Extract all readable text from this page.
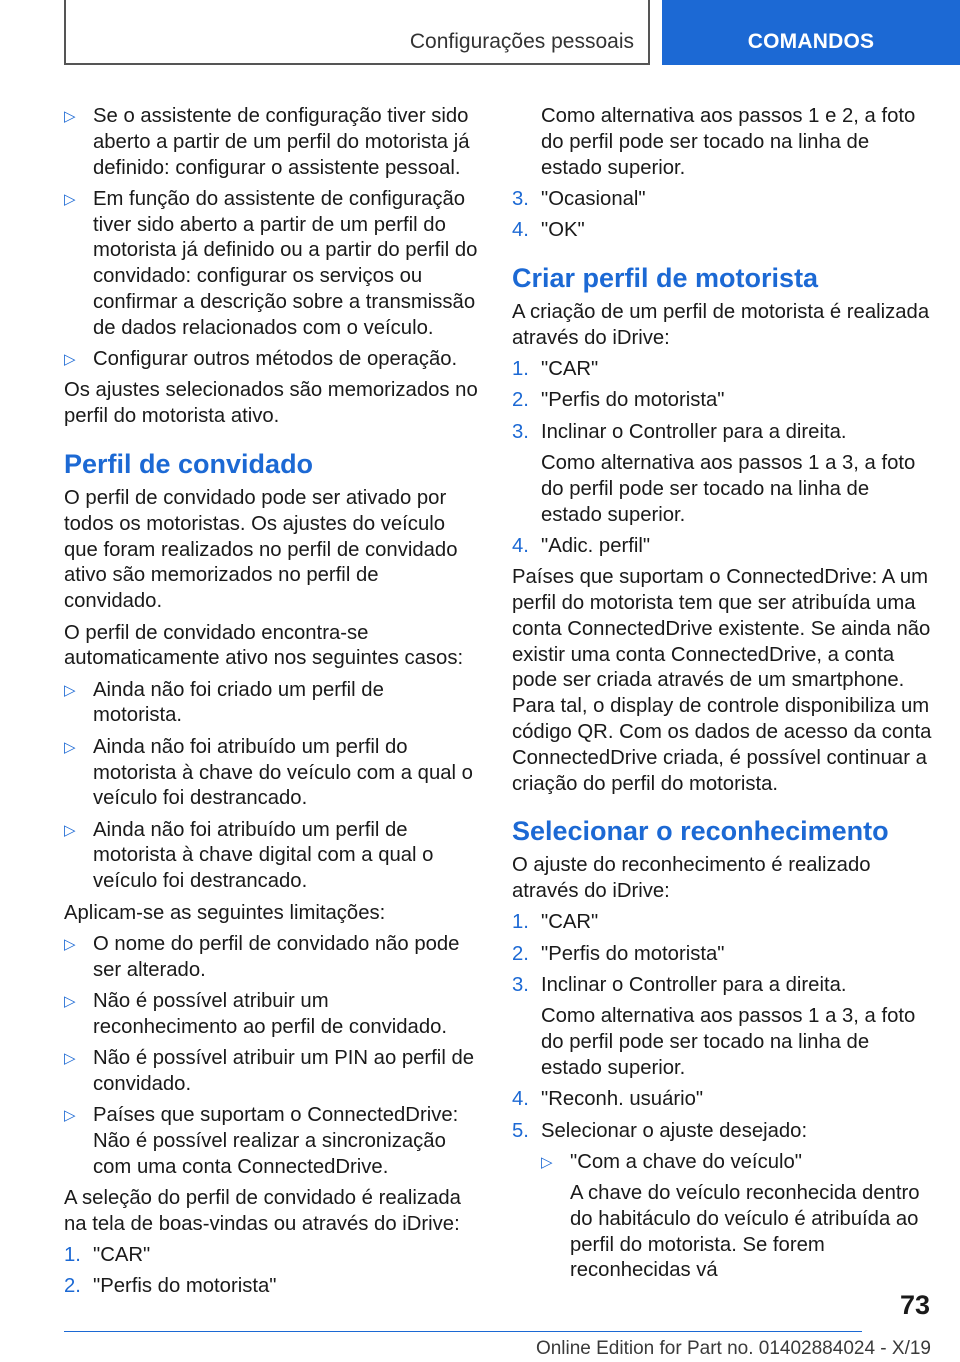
Configurações pessoais	COMANDOS
▷ Se o assistente de configuração tiver sido aberto a partir de um perfil do motorista já definido: configurar o assistente pessoal.
▷ Em função do assistente de configuração tiver sido aberto a partir de um perfil do motorista já definido ou a partir do perfil do convidado: configurar os serviços ou confirmar a descrição sobre a transmissão de dados relacionados com o veículo.
▷ Configurar outros métodos de operação.

Os ajustes selecionados são memorizados no perfil do motorista ativo.

Perfil de convidado

O perfil de convidado pode ser ativado por todos os motoristas. Os ajustes do veículo que foram realizados no perfil de convidado ativo são memorizados no perfil de convidado.

O perfil de convidado encontra-se automaticamente ativo nos seguintes casos:

▷ Ainda não foi criado um perfil de motorista.
▷ Ainda não foi atribuído um perfil do motorista à chave do veículo com a qual o veículo foi destrancado.
▷ Ainda não foi atribuído um perfil de motorista à chave digital com a qual o veículo foi destrancado.

Aplicam-se as seguintes limitações:

▷ O nome do perfil de convidado não pode ser alterado.
▷ Não é possível atribuir um reconhecimento ao perfil de convidado.
▷ Não é possível atribuir um PIN ao perfil de convidado.
▷ Países que suportam o ConnectedDrive: Não é possível realizar a sincronização com uma conta ConnectedDrive.

A seleção do perfil de convidado é realizada na tela de boas-vindas ou através do iDrive:

1. "CAR"
2. "Perfis do motorista"

Como alternativa aos passos 1 e 2, a foto do perfil pode ser tocado na linha de estado superior.

3. "Ocasional"
4. "OK"
Criar perfil de motorista

A criação de um perfil de motorista é realizada através do iDrive:

1. "CAR"
2. "Perfis do motorista"
3. Inclinar o Controller para a direita.

Como alternativa aos passos 1 a 3, a foto do perfil pode ser tocado na linha de estado superior.

4. "Adic. perfil"

Países que suportam o ConnectedDrive: A um perfil do motorista tem que ser atribuída uma conta ConnectedDrive existente. Se ainda não existir uma conta ConnectedDrive, a conta pode ser criada através de um smartphone. Para tal, o display de controle disponibiliza um código QR. Com os dados de acesso da conta ConnectedDrive criada, é possível continuar a criação do perfil do motorista.

Selecionar o reconhecimento

O ajuste do reconhecimento é realizado através do iDrive:

1. "CAR"
2. "Perfis do motorista"
3. Inclinar o Controller para a direita.

Como alternativa aos passos 1 a 3, a foto do perfil pode ser tocado na linha de estado superior.

4. "Reconh. usuário"
5. Selecionar o ajuste desejado:
▷ "Com a chave do veículo"

A chave do veículo reconhecida dentro do habitáculo do veículo é atribuída ao perfil do motorista. Se forem reconhecidas vá

73
Online Edition for Part no. 01402884024 - X/19
